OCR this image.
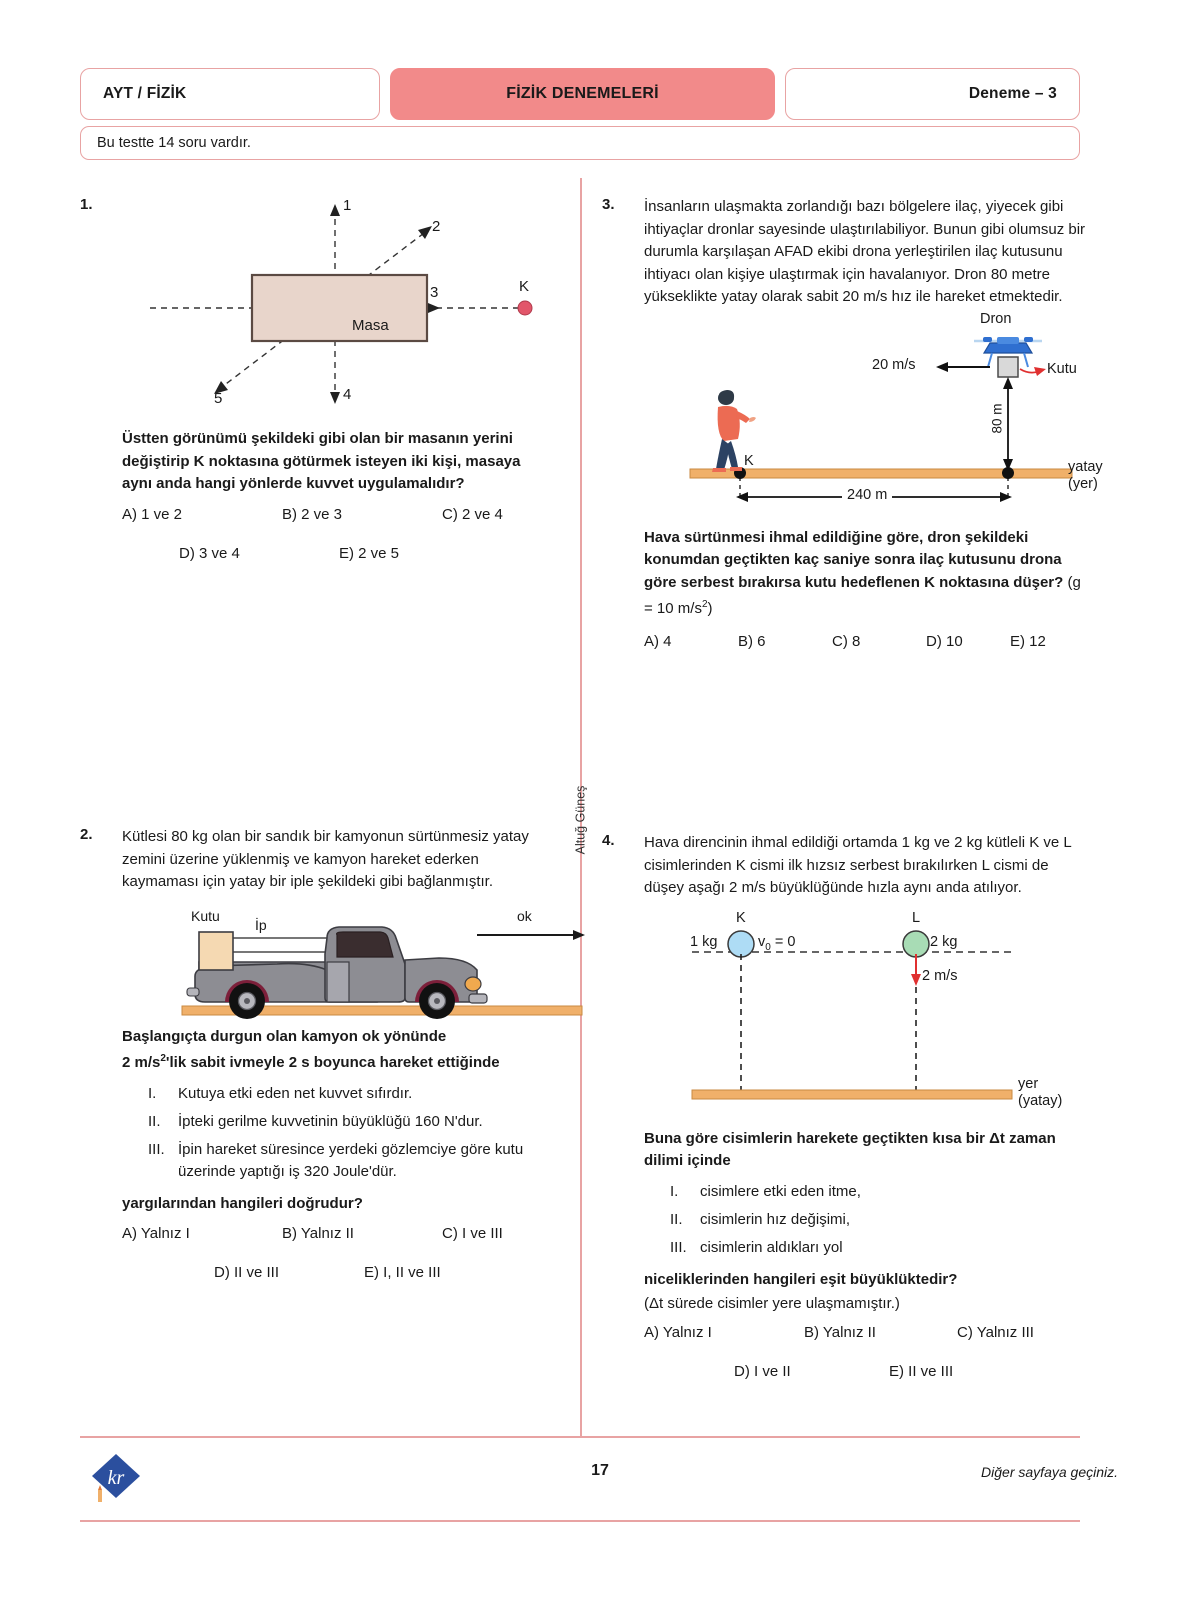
AYT / FİZİK	FİZİK DENEMELERİ	Deneme – 3
Bu testte 14 soru vardır.
Altuğ Güneş
1.	1
2
3
4
5
Masa
K
Üstten görünümü şekildeki gibi olan bir masanın yerini değiştirip K noktasına götürmek isteyen iki kişi, masaya aynı anda hangi yönlerde kuvvet uygulamalıdır?
A) 1 ve 2	B) 2 ve 3	C) 2 ve 4
D) 3 ve 4	E) 2 ve 5
2.	Kütlesi 80 kg olan bir sandık bir kamyonun sürtünmesiz yatay zemini üzerine yüklenmiş ve kamyon hareket ederken kaymaması için yatay bir iple şekildeki gibi bağlanmıştır.
Kutu
İp
ok
Başlangıçta durgun olan kamyon ok yönünde
2 $m/s^2'lik$ sabit ivmeyle 2 s boyunca hareket ettiğinde
I.	Kutuya etki eden net kuvvet sıfırdır.
II.	İpteki gerilme kuvvetinin büyüklüğü 160 N'dur.
III. İpin hareket süresince yerdeki gözlemciye göre kutu üzerinde yaptığı iş 320 Joule'dür.
yargılarından hangileri doğrudur?
A) Yalnız I	B) Yalnız II	C) I ve III
D) II ve III	E) I, II ve III
3.	İnsanların ulaşmakta zorlandığı bazı bölgelere ilaç, yiyecek gibi ihtiyaçlar dronlar sayesinde ulaştırılabiliyor. Bunun gibi olumsuz bir durumla karşılaşan AFAD ekibi drona yerleştirilen ilaç kutusunu ihtiyacı olan kişiye ulaştırmak için havalanıyor. Dron 80 metre yükseklikte yatay olarak sabit 20 m/s hız ile hareket etmektedir.
Dron
20 m/s	Kutu
80 m
K	yatay
(yer)
240 m
Hava sürtünmesi ihmal edildiğine göre, dron şekildeki konumdan geçtikten kaç saniye sonra ilaç kutusunu drona göre serbest bırakırsa kutu hedeflenen K noktasına düşer? (g = 10 $m/s^2$)
A) 4	B) 6	C) 8	D) 10	E) 12
4.	Hava direncinin ihmal edildiği ortamda 1 kg ve 2 kg kütleli K ve L cisimlerinden K cismi ilk hızsız serbest bırakılırken L cismi de düşey aşağı 2 m/s büyüklüğünde hızla aynı anda atılıyor.
1 kg
K
$v_0 = 0$
L
2 kg
2 m/s
yer
(yatay)
Buna göre cisimlerin harekete geçtikten kısa bir Δt zaman dilimi içinde
I.	cisimlere etki eden itme,
II.	cisimlerin hız değişimi,
III. cisimlerin aldıkları yol
niceliklerinden hangileri eşit büyüklüktedir?
(Δt sürede cisimler yere ulaşmamıştır.)
A) Yalnız I	B) Yalnız II	C) Yalnız III
D) I ve II	E) II ve III
kr	17	Diğer sayfaya geçiniz.
